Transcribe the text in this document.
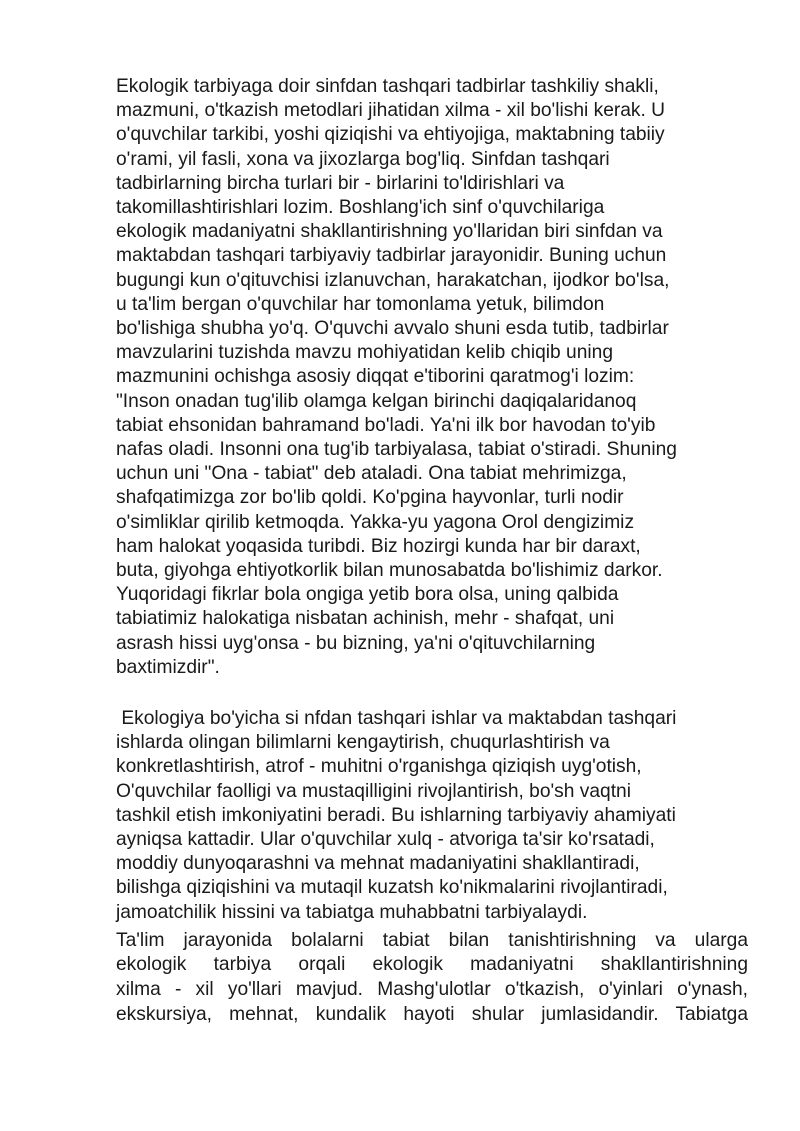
Ekologik tarbiyaga doir sinfdan tashqari tadbirlar tashkiliy shakli,
mazmuni, o'tkazish metodlari jihatidan xilma - xil bo'lishi kerak. U
o'quvchilar tarkibi, yoshi qiziqishi va ehtiyojiga, maktabning tabiiy
o'rami, yil fasli, xona va jixozlarga bog'liq. Sinfdan tashqari
tadbirlarning bircha turlari bir - birlarini to'ldirishlari va
takomillashtirishlari lozim. Boshlang'ich sinf o'quvchilariga
ekologik madaniyatni shakllantirishning yo'llaridan biri sinfdan va
maktabdan tashqari tarbiyaviy tadbirlar jarayonidir. Buning uchun
bugungi kun o'qituvchisi izlanuvchan, harakatchan, ijodkor bo'lsa,
u ta'lim bergan o'quvchilar har tomonlama yetuk, bilimdon
bo'lishiga shubha yo'q. O'quvchi avvalo shuni esda tutib, tadbirlar
mavzularini tuzishda mavzu mohiyatidan kelib chiqib uning
mazmunini ochishga asosiy diqqat e'tiborini qaratmog'i lozim:
"Inson onadan tug'ilib olamga kelgan birinchi daqiqalaridanoq
tabiat ehsonidan bahramand bo'ladi. Ya'ni ilk bor havodan to'yib
nafas oladi. Insonni ona tug'ib tarbiyalasa, tabiat o'stiradi. Shuning
uchun uni "Ona - tabiat" deb ataladi. Ona tabiat mehrimizga,
shafqatimizga zor bo'lib qoldi. Ko'pgina hayvonlar, turli nodir
o'simliklar qirilib ketmoqda. Yakka-yu yagona Orol dengizimiz
ham halokat yoqasida turibdi. Biz hozirgi kunda har bir daraxt,
buta, giyohga ehtiyotkorlik bilan munosabatda bo'lishimiz darkor.
Yuqoridagi fikrlar bola ongiga yetib bora olsa, uning qalbida
tabiatimiz halokatiga nisbatan achinish, mehr - shafqat, uni
asrash hissi uyg'onsa - bu bizning, ya'ni o'qituvchilarning
baxtimizdir".
Ekologiya bo'yicha si nfdan tashqari ishlar va maktabdan tashqari
ishlarda olingan bilimlarni kengaytirish, chuqurlashtirish va
konkretlashtirish, atrof - muhitni o'rganishga qiziqish uyg'otish,
O'quvchilar faolligi va mustaqilligini rivojlantirish, bo'sh vaqtni
tashkil etish imkoniyatini beradi. Bu ishlarning tarbiyaviy ahamiyati
ayniqsa kattadir. Ular o'quvchilar xulq - atvoriga ta'sir ko'rsatadi,
moddiy dunyoqarashni va mehnat madaniyatini shakllantiradi,
bilishga qiziqishini va mutaqil kuzatsh ko'nikmalarini rivojlantiradi,
jamoatchilik hissini va tabiatga muhabbatni tarbiyalaydi.
Ta'lim jarayonida bolalarni tabiat bilan tanishtirishning va ularga
ekologik tarbiya orqali ekologik madaniyatni shakllantirishning
xilma - xil yo'llari mavjud. Mashg'ulotlar o'tkazish, o'yinlari o'ynash,
ekskursiya, mehnat, kundalik hayoti shular jumlasidandir. Tabiatga
